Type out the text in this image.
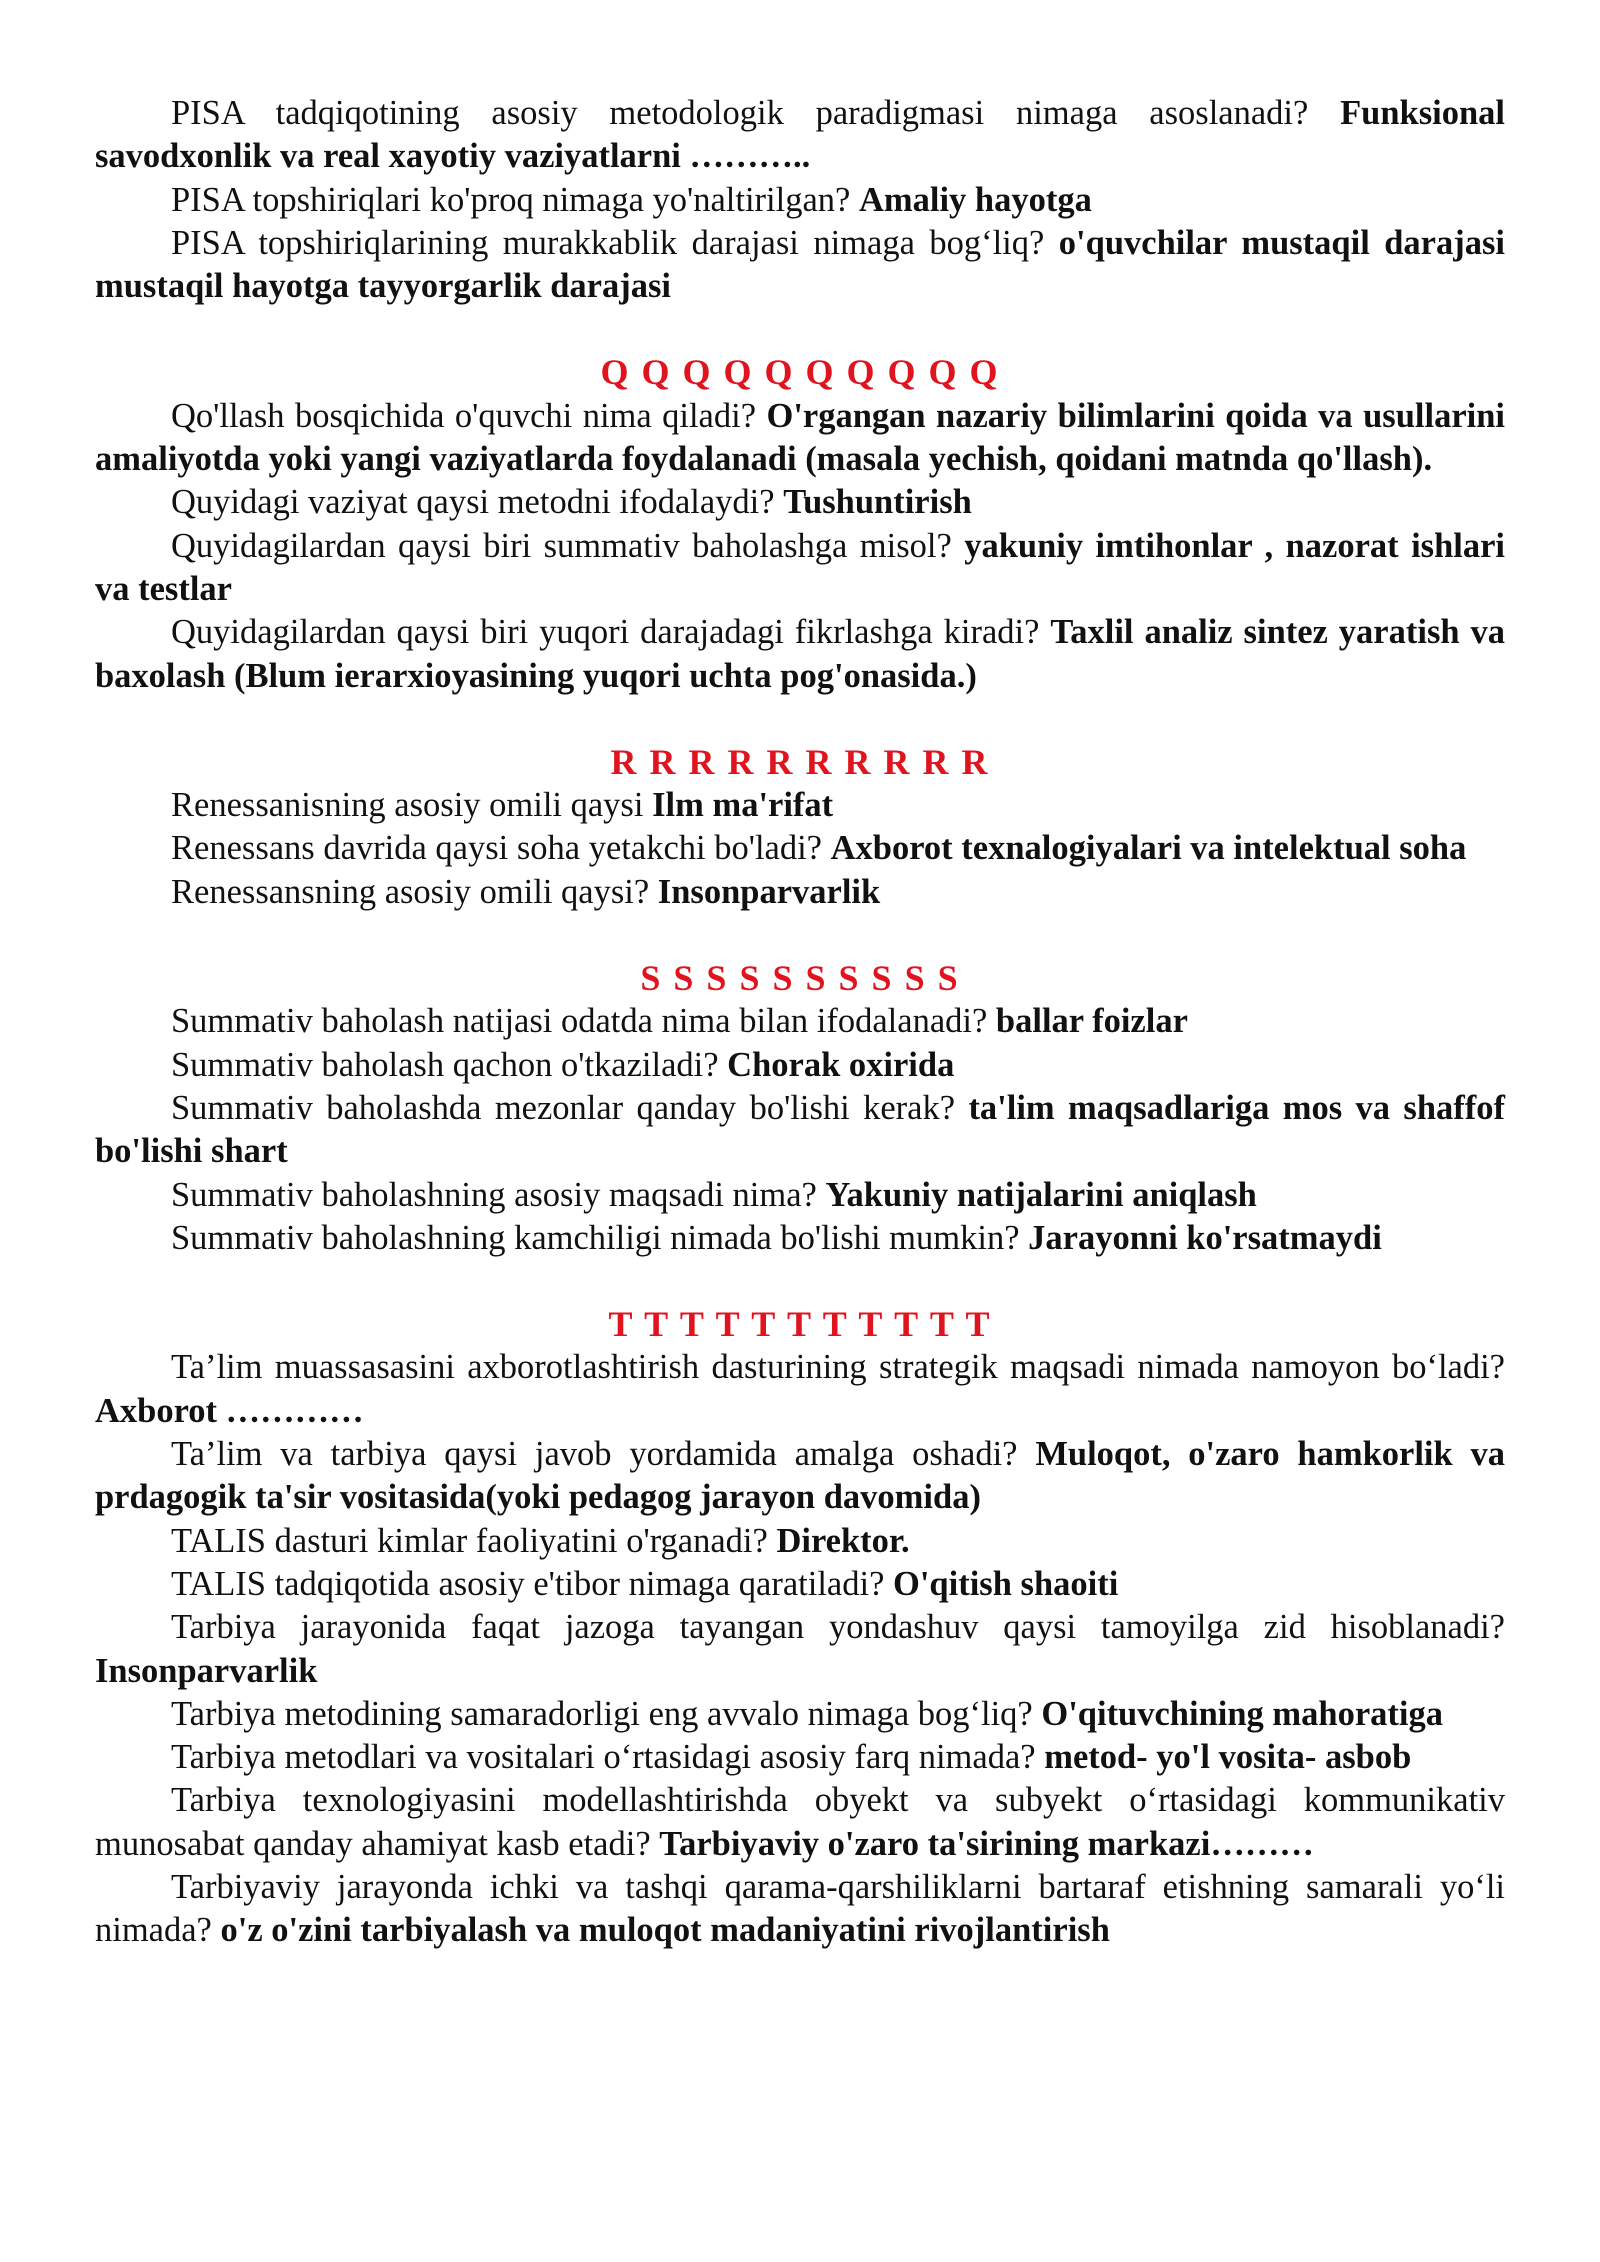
PISA tadqiqotining asosiy metodologik paradigmasi nimaga asoslanadi? Funksional savodxonlik va real xayotiy vaziyatlarni ………..

PISA topshiriqlari ko'proq nimaga yo'naltirilgan? Amaliy hayotga

PISA topshiriqlarining murakkablik darajasi nimaga bog‘liq? o'quvchilar mustaqil darajasi mustaqil hayotga tayyorgarlik darajasi

Q Q Q Q Q Q Q Q Q Q

Qo'llash bosqichida o'quvchi nima qiladi? O'rgangan nazariy bilimlarini qoida va usullarini amaliyotda yoki yangi vaziyatlarda foydalanadi (masala yechish, qoidani matnda qo'llash).

Quyidagi vaziyat qaysi metodni ifodalaydi? Tushuntirish

Quyidagilardan qaysi biri summativ baholashga misol? yakuniy imtihonlar , nazorat ishlari va testlar

Quyidagilardan qaysi biri yuqori darajadagi fikrlashga kiradi? Taxlil analiz sintez yaratish va baxolash (Blum ierarxioyasining yuqori uchta pog'onasida.)

R R R R R R R R R R

Renessanisning asosiy omili qaysi Ilm ma'rifat

Renessans davrida qaysi soha yetakchi bo'ladi? Axborot texnalogiyalari va intelektual soha

Renessansning asosiy omili qaysi? Insonparvarlik

S S S S S S S S S S

Summativ baholash natijasi odatda nima bilan ifodalanadi? ballar foizlar

Summativ baholash qachon o'tkaziladi? Chorak oxirida

Summativ baholashda mezonlar qanday bo'lishi kerak? ta'lim maqsadlariga mos va shaffof bo'lishi shart

Summativ baholashning asosiy maqsadi nima? Yakuniy natijalarini aniqlash

Summativ baholashning kamchiligi nimada bo'lishi mumkin? Jarayonni ko'rsatmaydi

T T T T T T T T T T T

Ta’lim muassasasini axborotlashtirish dasturining strategik maqsadi nimada namoyon bo‘ladi? Axborot …………

Ta’lim va tarbiya qaysi javob yordamida amalga oshadi? Muloqot, o'zaro hamkorlik va prdagogik ta'sir vositasida(yoki pedagog jarayon davomida)

TALIS dasturi kimlar faoliyatini o'rganadi? Direktor.

TALIS tadqiqotida asosiy e'tibor nimaga qaratiladi? O'qitish shaoiti

Tarbiya jarayonida faqat jazoga tayangan yondashuv qaysi tamoyilga zid hisoblanadi? Insonparvarlik

Tarbiya metodining samaradorligi eng avvalo nimaga bog‘liq? O'qituvchining mahoratiga

Tarbiya metodlari va vositalari o‘rtasidagi asosiy farq nimada? metod- yo'l vosita- asbob

Tarbiya texnologiyasini modellashtirishda obyekt va subyekt o‘rtasidagi kommunikativ munosabat qanday ahamiyat kasb etadi? Tarbiyaviy o'zaro ta'sirining markazi………

Tarbiyaviy jarayonda ichki va tashqi qarama-qarshiliklarni bartaraf etishning samarali yo‘li nimada? o'z o'zini tarbiyalash va muloqot madaniyatini rivojlantirish
